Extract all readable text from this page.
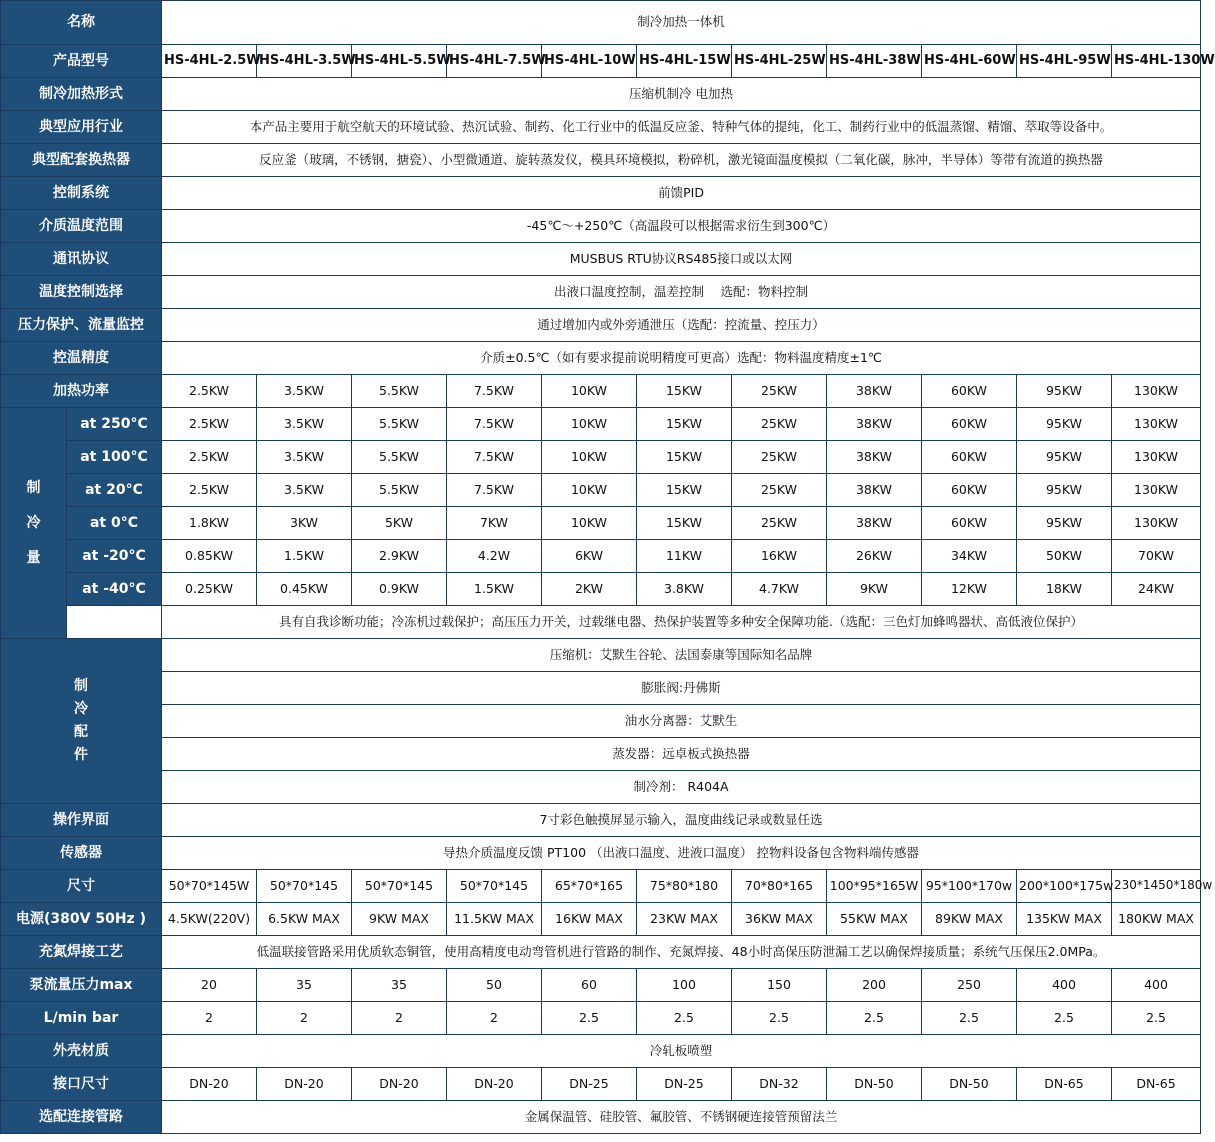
名称		制冷加热一体机										
产品型号		HS-4HL-2.5W	HS-4HL-3.5W	HS-4HL-5.5W	HS-4HL-7.5W	HS-4HL-10W	HS-4HL-15W	HS-4HL-25W	HS-4HL-38W	HS-4HL-60W	HS-4HL-95W	HS-4HL-130W
制冷加热形式		压缩机制冷 电加热										
典型应用行业		本产品主要用于航空航天的环境试验、热沉试验、制药、化工行业中的低温反应釜、特种气体的提纯，化工、制药行业中的低温蒸馏、精馏、萃取等设备中。										
典型配套换热器		反应釜（玻璃，不锈钢，搪瓷）、小型微通道、旋转蒸发仪，模具环境模拟，粉碎机，激光镜面温度模拟（二氧化碳，脉冲，半导体）等带有流道的换热器										
控制系统		前馈PID										
介质温度范围		-45℃～+250℃（高温段可以根据需求衍生到300℃）										
通讯协议		MUSBUS RTU协议RS485接口或以太网										
温度控制选择		出液口温度控制，温差控制　 选配：物料控制										
压力保护、流量监控		通过增加内或外旁通泄压（选配：控流量、控压力）										
控温精度		介质±0.5℃（如有要求提前说明精度可更高）选配：物料温度精度±1℃										
加热功率		2.5KW	3.5KW	5.5KW	7.5KW	10KW	15KW	25KW	38KW	60KW	95KW	130KW

制
冷
量	at 250°C	2.5KW	3.5KW	5.5KW	7.5KW	10KW	15KW	25KW	38KW	60KW	95KW	130KW
	at 100°C	2.5KW	3.5KW	5.5KW	7.5KW	10KW	15KW	25KW	38KW	60KW	95KW	130KW
	at 20°C	2.5KW	3.5KW	5.5KW	7.5KW	10KW	15KW	25KW	38KW	60KW	95KW	130KW
	at 0°C	1.8KW	3KW	5KW	7KW	10KW	15KW	25KW	38KW	60KW	95KW	130KW
	at -20°C	0.85KW	1.5KW	2.9KW	4.2W	6KW	11KW	16KW	26KW	34KW	50KW	70KW
	at -40°C	0.25KW	0.45KW	0.9KW	1.5KW	2KW	3.8KW	4.7KW	9KW	12KW	18KW	24KW
		具有自我诊断功能；冷冻机过载保护；高压压力开关，过载继电器、热保护装置等多种安全保障功能.（选配：三色灯加蜂鸣器状、高低液位保护）										

制
冷
配
件		压缩机：艾默生谷轮、法国泰康等国际知名品牌										
		膨胀阀:丹佛斯										
		油水分离器：艾默生										
		蒸发器：远卓板式换热器										
		制冷剂： R404A										
操作界面		7寸彩色触摸屏显示输入，温度曲线记录或数显任选										
传感器		导热介质温度反馈 PT100 （出液口温度、进液口温度） 控物料设备包含物料端传感器										
尺寸		50*70*145W	50*70*145	50*70*145	50*70*145	65*70*165	75*80*180	70*80*165	100*95*165W	95*100*170w	200*100*175w	230*1450*180w
电源(380V 50Hz )		4.5KW(220V)	6.5KW MAX	9KW MAX	11.5KW MAX	16KW MAX	23KW MAX	36KW MAX	55KW MAX	89KW MAX	135KW MAX	180KW MAX
充氮焊接工艺		低温联接管路采用优质软态铜管，使用高精度电动弯管机进行管路的制作、充氮焊接、48小时高保压防泄漏工艺以确保焊接质量；系统气压保压2.0MPa。										
泵流量压力max		20	35	35	50	60	100	150	200	250	400	400
L/min bar		2	2	2	2	2.5	2.5	2.5	2.5	2.5	2.5	2.5
外壳材质		冷轧板喷塑										
接口尺寸		DN-20	DN-20	DN-20	DN-20	DN-25	DN-25	DN-32	DN-50	DN-50	DN-65	DN-65
选配连接管路		金属保温管、硅胶管、氟胶管、不锈钢硬连接管预留法兰										
